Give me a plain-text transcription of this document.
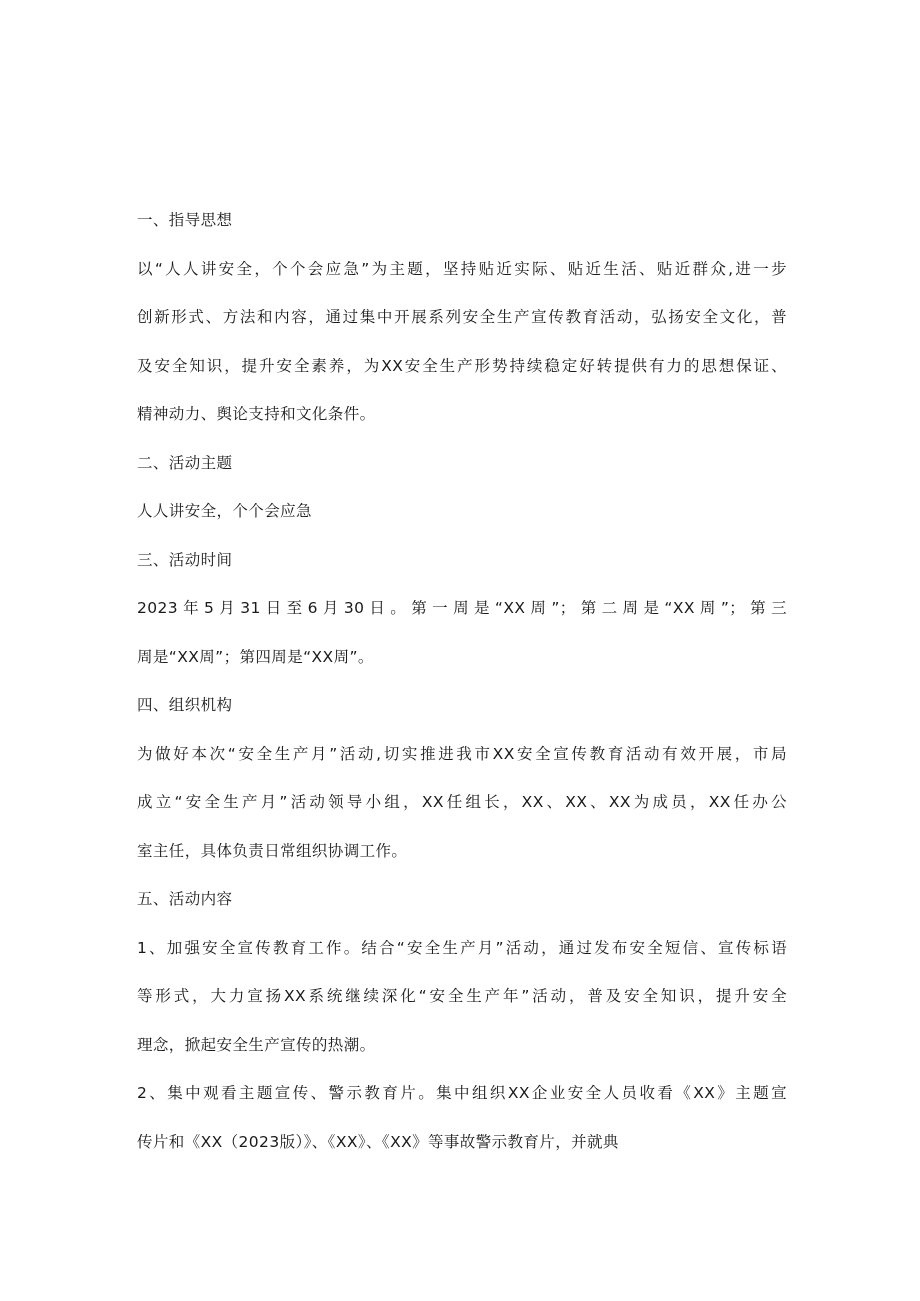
一、指导思想
以“人人讲安全，个个会应急”为主题，坚持贴近实际、贴近生活、贴近群众,进一步
创新形式、方法和内容，通过集中开展系列安全生产宣传教育活动，弘扬安全文化，普
及安全知识，提升安全素养，为XX安全生产形势持续稳定好转提供有力的思想保证、
精神动力、舆论支持和文化条件。
二、活动主题
人人讲安全，个个会应急
三、活动时间
2023年5月31日至6月30日。第一周是“XX周”；第二周是“XX周”；第三
周是“XX周”；第四周是“XX周”。
四、组织机构
为做好本次“安全生产月”活动,切实推进我市XX安全宣传教育活动有效开展，市局
成立“安全生产月”活动领导小组，XX任组长，XX、XX、XX为成员，XX任办公
室主任，具体负责日常组织协调工作。
五、活动内容
1、加强安全宣传教育工作。结合“安全生产月”活动，通过发布安全短信、宣传标语
等形式，大力宣扬XX系统继续深化“安全生产年”活动，普及安全知识，提升安全
理念，掀起安全生产宣传的热潮。
2、集中观看主题宣传、警示教育片。集中组织XX企业安全人员收看《XX》主题宣
传片和《XX（2023版）》、《XX》、《XX》等事故警示教育片，并就典
